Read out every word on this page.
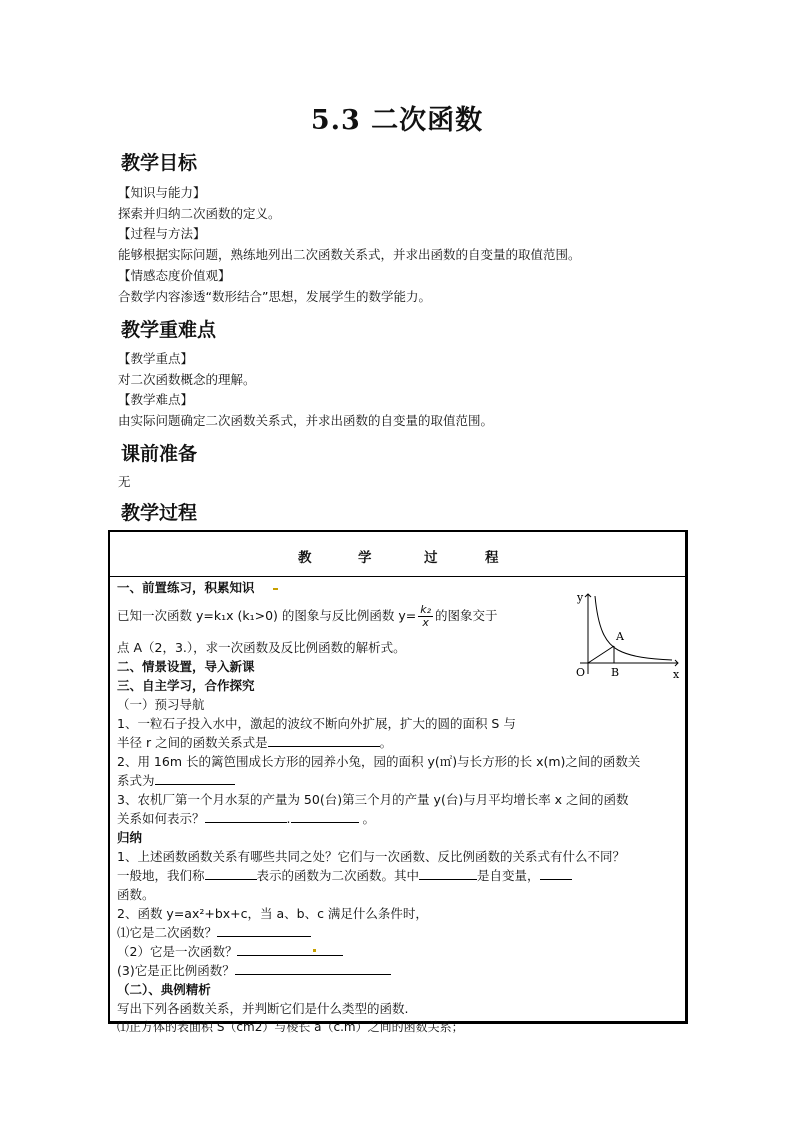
5.3 二次函数
教学目标
【知识与能力】
探索并归纳二次函数的定义。
【过程与方法】
能够根据实际问题，熟练地列出二次函数关系式，并求出函数的自变量的取值范围。
【情感态度价值观】
合数学内容渗透“数形结合”思想，发展学生的数学能力。
教学重难点
【教学重点】
对二次函数概念的理解。
【教学难点】
由实际问题确定二次函数关系式，并求出函数的自变量的取值范围。
课前准备
无
教学过程
教	学	过	程
一、前置练习，积累知识
已知一次函数 y=k₁x (k₁>0) 的图象与反比例函数 $y= \frac{\text{k₂}}{x}$ 的图象交于
点 A（2，3.），求一次函数及反比例函数的解析式。
二、情景设置，导入新课
三、自主学习，合作探究
（一）预习导航
1、一粒石子投入水中，激起的波纹不断向外扩展，扩大的圆的面积 S 与
半径 r 之间的函数关系式是	。
2、用 16m 长的篱笆围成长方形的园养小兔，园的面积 y(㎡)与长方形的长 x(m)之间的函数关
系式为
3、农机厂第一个月水泵的产量为 50(台)第三个月的产量 y(台)与月平均增长率 x 之间的函数
关系如何表示？	.	。
归纳
1、上述函数函数关系有哪些共同之处？它们与一次函数、反比例函数的关系式有什么不同？
一般地，我们称	表示的函数为二次函数。其中	是自变量，
函数。
2、函数 y=ax²+bx+c，当 a、b、c 满足什么条件时，
⑴它是二次函数？
（2）它是一次函数？
(3)它是正比例函数？
（二）、典例精析
写出下列各函数关系，并判断它们是什么类型的函数.
⑴正方体的表面积 S（cm2）与棱长 a（c.m）之间的函数关系；
y
x
O
A
B
